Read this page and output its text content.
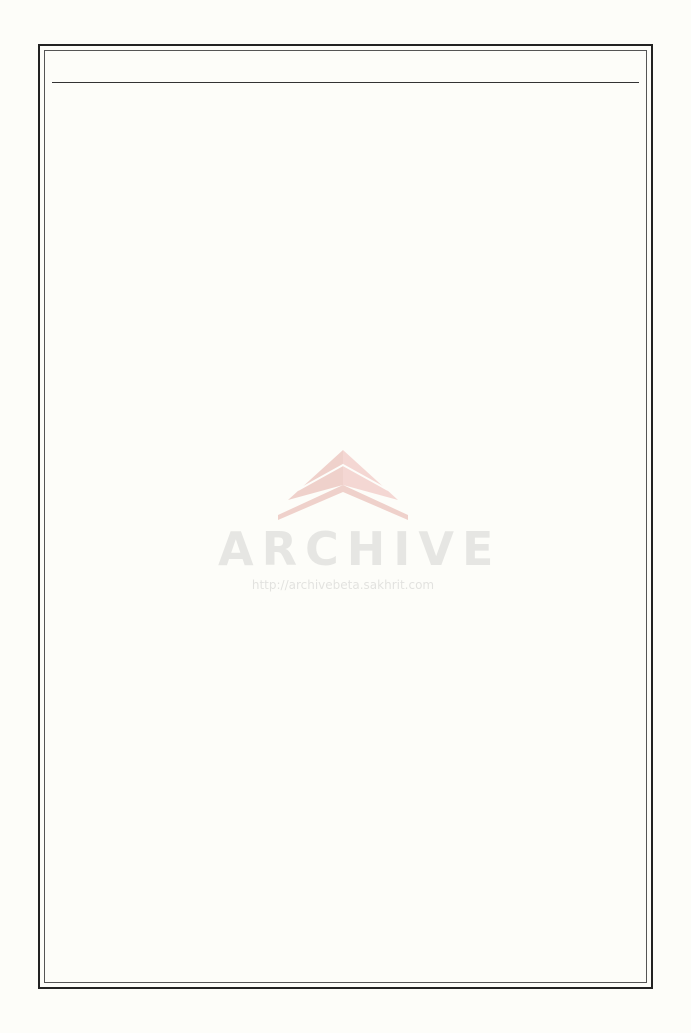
ARCHIVE
http://archivebeta.sakhrit.com
